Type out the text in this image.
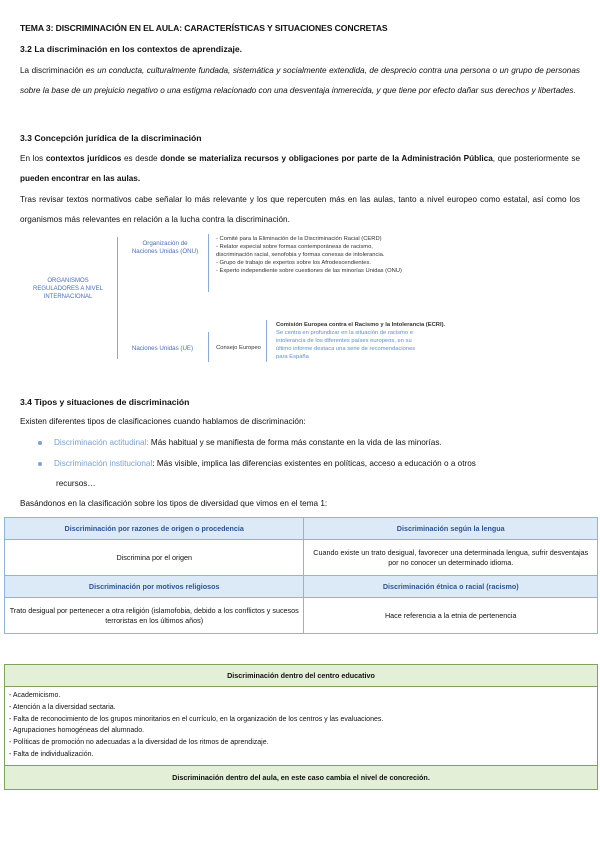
TEMA 3: DISCRIMINACIÓN EN EL AULA: CARACTERÍSTICAS Y SITUACIONES CONCRETAS
3.2 La discriminación en los contextos de aprendizaje.
La discriminación es un conducta, culturalmente fundada, sistemática y socialmente extendida, de desprecio contra una persona o un grupo de personas sobre la base de un prejuicio negativo o una estigma relacionado con una desventaja inmerecida, y que tiene por efecto dañar sus derechos y libertades.
3.3 Concepción jurídica de la discriminación
En los contextos jurídicos es desde donde se materializa recursos y obligaciones por parte de la Administración Pública, que posteriormente se pueden encontrar en las aulas.
Tras revisar textos normativos cabe señalar lo más relevante y los que repercuten más en las aulas, tanto a nivel europeo como estatal, así como los organismos más relevantes en relación a la lucha contra la discriminación.
ORGANISMOS REGULADORES A NIVEL INTERNACIONAL
Organización de Naciones Unidas (ONU)
- Comité para la Eliminación de la Discriminación Racial (CERD)
- Relator especial sobre formas contemporáneas de racismo,
discriminación racial, xenofobia y formas conexas de intolerancia.
- Grupo de trabajo de expertos sobre los Afrodescendientes.
- Experto independiente sobre cuestiones de las minorías Unidas (ONU)
Naciones Unidas (UE)	Consejo Europeo
Comisión Europea contra el Racismo y la Intolerancia (ECRI).
Se centra en profundizar en la situación de racismo e
intolerancia de los diferentes países europeos, en su
último informe destaca una serie de recomendaciones
para España
3.4 Tipos y situaciones de discriminación
Existen diferentes tipos de clasificaciones cuando hablamos de discriminación:
Discriminación actitudinal: Más habitual y se manifiesta de forma más constante en la vida de las minorías.
Discriminación institucional: Más visible, implica las diferencias existentes en políticas, acceso a educación o a otros
recursos…
Basándonos en la clasificación sobre los tipos de diversidad que vimos en el tema 1:
Discriminación por razones de origen o procedencia	Discriminación según la lengua
Discrimina por el origen	Cuando existe un trato desigual, favorecer una determinada lengua, sufrir desventajas por no conocer un determinado idioma.
Discriminación por motivos religiosos	Discriminación étnica o racial (racismo)
Trato desigual por pertenecer a otra religión (islamofobia, debido a los conflictos y sucesos terroristas en los últimos años)	Hace referencia a la etnia de pertenencia
Discriminación dentro del centro educativo
- Academicismo.
- Atención a la diversidad sectaria.
- Falta de reconocimiento de los grupos minoritarios en el currículo, en la organización de los centros y las evaluaciones.
- Agrupaciones homogéneas del alumnado.
- Políticas de promoción no adecuadas a la diversidad de los ritmos de aprendizaje.
- Falta de individualización.
Discriminación dentro del aula, en este caso cambia el nivel de concreción.
